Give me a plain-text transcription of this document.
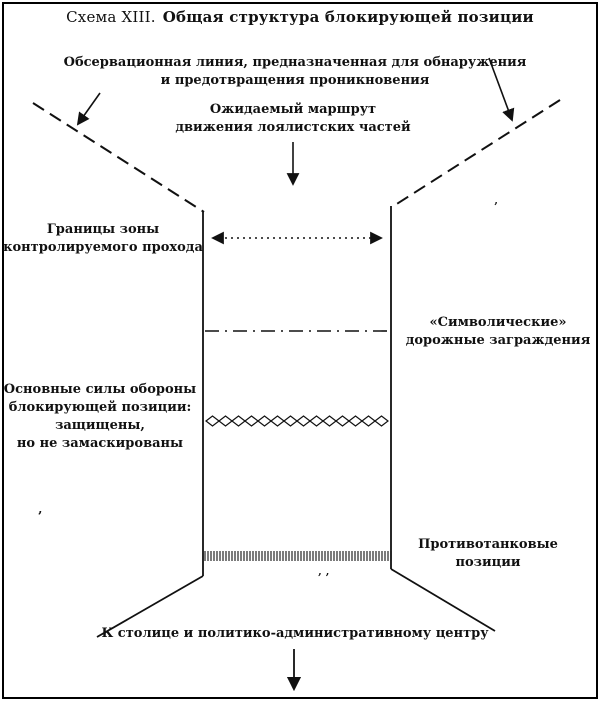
Схема XIII. Общая структура блокирующей позиции
Обсервационная линия, предназначенная для обнаружения
и предотвращения проникновения
Ожидаемый маршрут
движения лоялистских частей
Границы зоны
контролируемого прохода
«Символические»
дорожные заграждения
Основные силы обороны
блокирующей позиции:
защищены,
но не замаскированы
Противотанковые
позиции
К столице и политико-административному центру
‚
‚ ‚
’
